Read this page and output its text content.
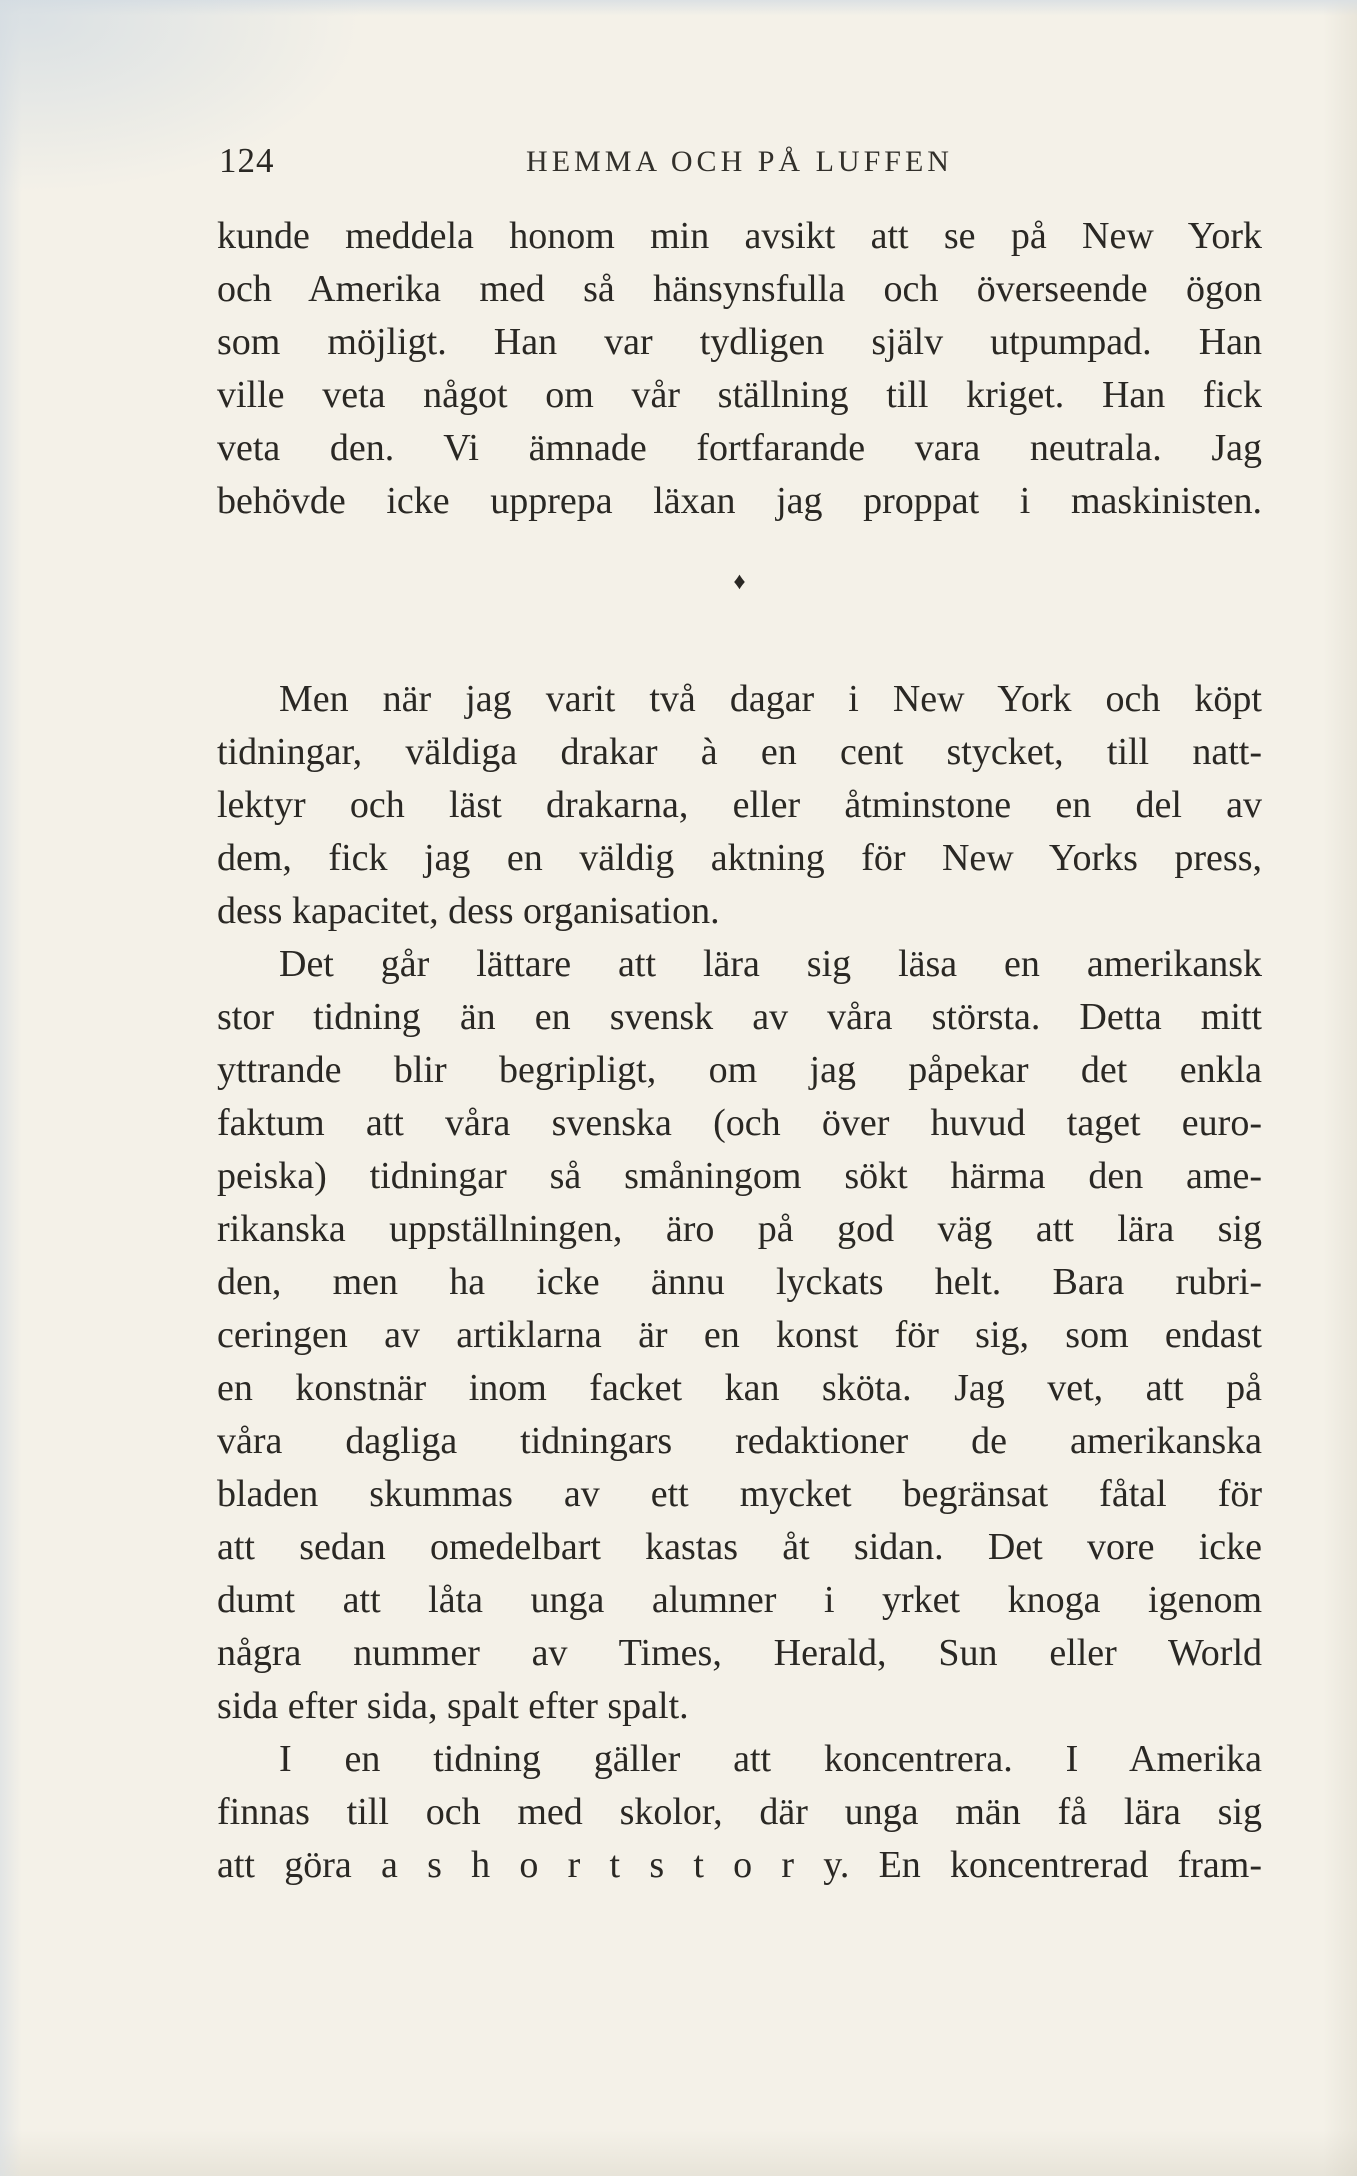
124	HEMMA OCH PÅ LUFFEN
kunde meddela honom min avsikt att se på New York
och Amerika med så hänsynsfulla och överseende ögon
som möjligt. Han var tydligen själv utpumpad. Han
ville veta något om vår ställning till kriget. Han fick
veta den. Vi ämnade fortfarande vara neutrala. Jag
behövde icke upprepa läxan jag proppat i maskinisten.
♦
Men när jag varit två dagar i New York och köpt
tidningar, väldiga drakar à en cent stycket, till natt-
lektyr och läst drakarna, eller åtminstone en del av
dem, fick jag en väldig aktning för New Yorks press,
dess kapacitet, dess organisation.
Det går lättare att lära sig läsa en amerikansk
stor tidning än en svensk av våra största. Detta mitt
yttrande blir begripligt, om jag påpekar det enkla
faktum att våra svenska (och över huvud taget euro-
peiska) tidningar så småningom sökt härma den ame-
rikanska uppställningen, äro på god väg att lära sig
den, men ha icke ännu lyckats helt. Bara rubri-
ceringen av artiklarna är en konst för sig, som endast
en konstnär inom facket kan sköta. Jag vet, att på
våra dagliga tidningars redaktioner de amerikanska
bladen skummas av ett mycket begränsat fåtal för
att sedan omedelbart kastas åt sidan. Det vore icke
dumt att låta unga alumner i yrket knoga igenom
några nummer av Times, Herald, Sun eller World
sida efter sida, spalt efter spalt.
I en tidning gäller att koncentrera. I Amerika
finnas till och med skolor, där unga män få lära sig
att göra a s h o r t s t o r y. En koncentrerad fram-
